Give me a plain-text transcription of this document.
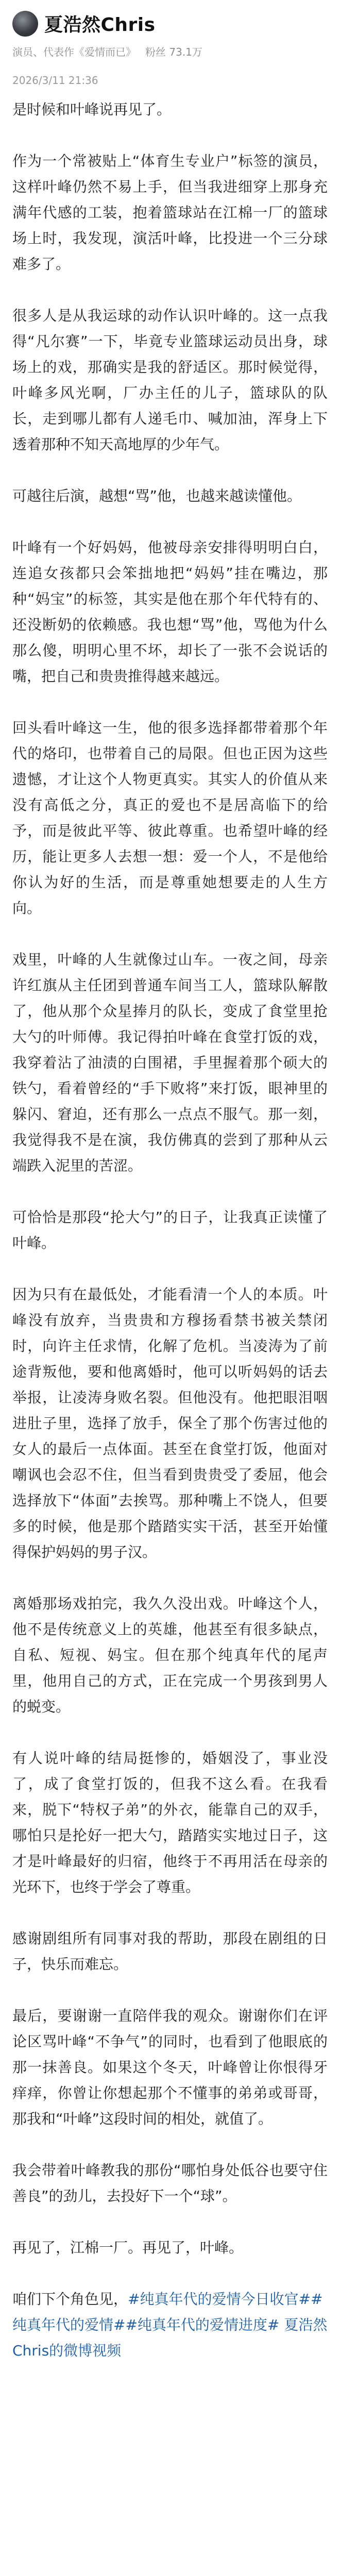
夏浩然Chris
演员、代表作《爱情而已》 粉丝 73.1万
2026/3/11 21:36

是时候和叶峰说再见了。

作为一个常被贴上“体育生专业户”标签的演员，这样叶峰仍然不易上手，但当我进细穿上那身充满年代感的工装，抱着篮球站在江棉一厂的篮球场上时，我发现，演活叶峰，比投进一个三分球难多了。

很多人是从我运球的动作认识叶峰的。这一点我得“凡尔赛”一下，毕竟专业篮球运动员出身，球场上的戏，那确实是我的舒适区。那时候觉得，叶峰多风光啊，厂办主任的儿子，篮球队的队长，走到哪儿都有人递毛巾、喊加油，浑身上下透着那种不知天高地厚的少年气。

可越往后演，越想“骂”他，也越来越读懂他。

叶峰有一个好妈妈，他被母亲安排得明明白白，连追女孩都只会笨拙地把“妈妈”挂在嘴边，那种“妈宝”的标签，其实是他在那个年代特有的、还没断奶的依赖感。我也想“骂”他，骂他为什么那么傻，明明心里不坏，却长了一张不会说话的嘴，把自己和贵贵推得越来越远。

回头看叶峰这一生，他的很多选择都带着那个年代的烙印，也带着自己的局限。但也正因为这些遗憾，才让这个人物更真实。其实人的价值从来没有高低之分，真正的爱也不是居高临下的给予，而是彼此平等、彼此尊重。也希望叶峰的经历，能让更多人去想一想：爱一个人，不是他给你认为好的生活，而是尊重她想要走的人生方向。

戏里，叶峰的人生就像过山车。一夜之间，母亲许红旗从主任团到普通车间当工人，篮球队解散了，他从那个众星捧月的队长，变成了食堂里抢大勺的叶师傅。我记得拍叶峰在食堂打饭的戏，我穿着沾了油渍的白围裙，手里握着那个硕大的铁勺，看着曾经的“手下败将”来打饭，眼神里的躲闪、窘迫，还有那么一点点不服气。那一刻，我觉得我不是在演，我仿佛真的尝到了那种从云端跌入泥里的苦涩。

可恰恰是那段“抡大勺”的日子，让我真正读懂了叶峰。

因为只有在最低处，才能看清一个人的本质。叶峰没有放弃，当贵贵和方穆扬看禁书被关禁闭时，向许主任求情，化解了危机。当凌涛为了前途背叛他，要和他离婚时，他可以听妈妈的话去举报，让凌涛身败名裂。但他没有。他把眼泪咽进肚子里，选择了放手，保全了那个伤害过他的女人的最后一点体面。甚至在食堂打饭，他面对嘲讽也会忍不住，但当看到贵贵受了委屈，他会选择放下“体面”去挨骂。那种嘴上不饶人，但要多的时候，他是那个踏踏实实干活，甚至开始懂得保护妈妈的男子汉。

离婚那场戏拍完，我久久没出戏。叶峰这个人，他不是传统意义上的英雄，他甚至有很多缺点，自私、短视、妈宝。但在那个纯真年代的尾声里，他用自己的方式，正在完成一个男孩到男人的蜕变。

有人说叶峰的结局挺惨的，婚姻没了，事业没了，成了食堂打饭的，但我不这么看。在我看来，脱下“特权子弟”的外衣，能靠自己的双手，哪怕只是抡好一把大勺，踏踏实实地过日子，这才是叶峰最好的归宿，他终于不再用活在母亲的光环下，也终于学会了尊重。

感谢剧组所有同事对我的帮助，那段在剧组的日子，快乐而难忘。

最后，要谢谢一直陪伴我的观众。谢谢你们在评论区骂叶峰“不争气”的同时，也看到了他眼底的那一抹善良。如果这个冬天，叶峰曾让你恨得牙痒痒，你曾让你想起那个不懂事的弟弟或哥哥，那我和“叶峰”这段时间的相处，就值了。

我会带着叶峰教我的那份“哪怕身处低谷也要守住善良”的劲儿，去投好下一个“球”。

再见了，江棉一厂。再见了，叶峰。

咱们下个角色见，#纯真年代的爱情今日收官##纯真年代的爱情##纯真年代的爱情进度# 夏浩然Chris的微博视频
